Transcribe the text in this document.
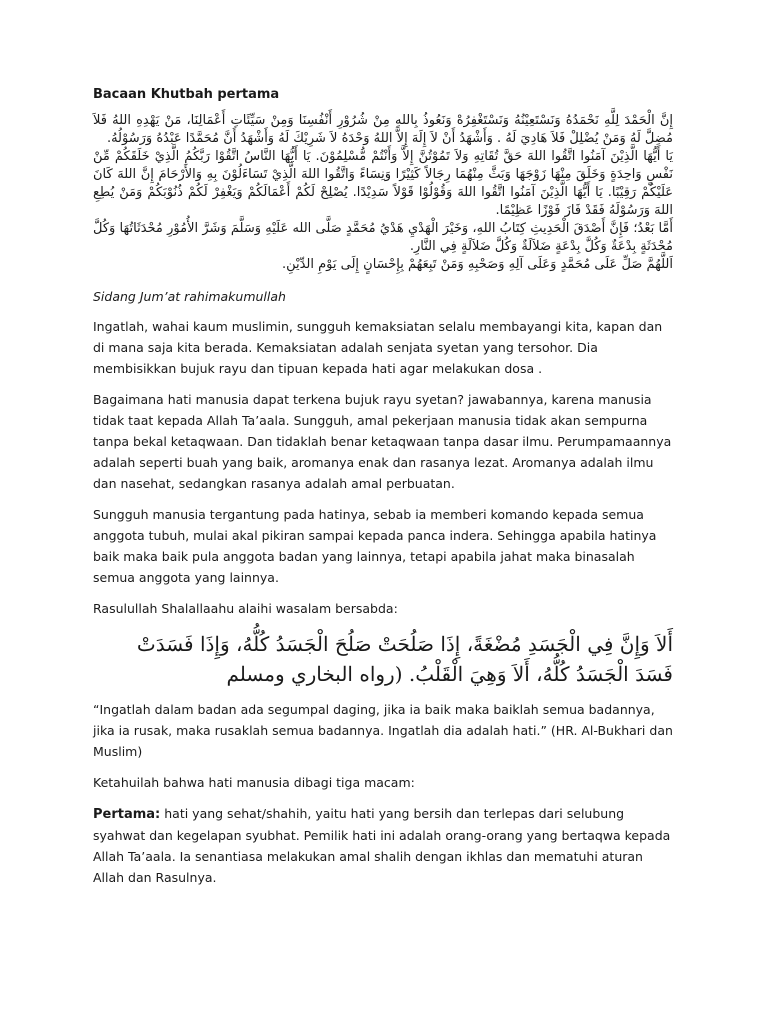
Bacaan Khutbah pertama

إِنَّ الْحَمْدَ لِلَّهِ نَحْمَدُهُ وَنَسْتَعِيْنُهُ وَنَسْتَغْفِرُهْ وَنَعُوذُ بِاللهِ مِنْ شُرُوْرِ أَنْفُسِنَا وَمِنْ سَيِّئَاتِ أَعْمَالِنَا، مَنْ يَهْدِهِ اللهُ فَلاَ مُضِلَّ لَهُ وَمَنْ يُضْلِلْ فَلاَ هَادِيَ لَهُ . وَأَشْهَدُ أَنْ لاَ إِلَهَ إِلاَّ اللهُ وَحْدَهُ لاَ شَرِيْكَ لَهُ وَأَشْهَدُ أَنَّ مُحَمَّدًا عَبْدُهُ وَرَسُوْلُهُ.

يَا أَيُّهَا الَّذِيْنَ آمَنُوا اتَّقُوا اللهَ حَقَّ تُقَاتِهِ وَلاَ تَمُوْتُنَّ إِلاَّ وَأَنْتُمْ مُّسْلِمُوْنَ. يَا أَيُّهَا النَّاسُ اتَّقُوْا رَبَّكُمُ الَّذِيْ خَلَقَكُمْ مِّنْ نَفْسٍ وَاحِدَةٍ وَخَلَقَ مِنْهَا زَوْجَهَا وَبَثَّ مِنْهُمَا رِجَالاً كَثِيْرًا وَنِسَاءً وَاتَّقُوا اللهَ الَّذِيْ تَسَاءَلُوْنَ بِهِ وَالأَرْحَامَ إِنَّ اللهَ كَانَ عَلَيْكُمْ رَقِيْبًا. يَا أَيُّهَا الَّذِيْنَ آمَنُوا اتَّقُوا اللهَ وَقُوْلُوْا قَوْلاً سَدِيْدًا. يُصْلِحْ لَكُمْ أَعْمَالَكُمْ وَيَغْفِرْ لَكُمْ ذُنُوْبَكُمْ وَمَنْ يُطِعِ اللهَ وَرَسُوْلَهُ فَقَدْ فَازَ فَوْزًا عَظِيْمًا.

أَمَّا بَعْدُ؛ فَإِنَّ أَصْدَقَ الْحَدِيثِ كِتَابُ اللهِ، وَخَيْرَ الْهَدْيِ هَدْيُ مُحَمَّدٍ صَلَّى الله عَلَيْهِ وَسَلَّمَ وَشَرَّ الأُمُوْرِ مُحْدَثَاتُهَا وَكُلَّ مُحْدَثَةٍ بِدْعَةٌ وَكُلَّ بِدْعَةٍ ضَلاَلَةٌ وَكُلَّ ضَلاَلَةٍ فِي النَّارِ.

اَللَّهُمَّ صَلِّ عَلَى مُحَمَّدٍ وَعَلَى آلِهِ وَصَحْبِهِ وَمَنْ تَبِعَهُمْ بِإِحْسَانٍ إِلَى يَوْمِ الدِّيْنِ.

Sidang Jum’at rahimakumullah

Ingatlah, wahai kaum muslimin, sungguh kemaksiatan selalu membayangi kita, kapan dan di mana saja kita berada. Kemaksiatan adalah senjata syetan yang tersohor. Dia membisikkan bujuk rayu dan tipuan kepada hati agar melakukan dosa .

Bagaimana hati manusia dapat terkena bujuk rayu syetan? jawabannya, karena manusia tidak taat kepada Allah Ta’aala. Sungguh, amal pekerjaan manusia tidak akan sempurna tanpa bekal ketaqwaan. Dan tidaklah benar ketaqwaan tanpa dasar ilmu. Perumpamaannya adalah seperti buah yang baik, aromanya enak dan rasanya lezat. Aromanya adalah ilmu dan nasehat, sedangkan rasanya adalah amal perbuatan.

Sungguh manusia tergantung pada hatinya, sebab ia memberi komando kepada semua anggota tubuh, mulai akal pikiran sampai kepada panca indera. Sehingga apabila hatinya baik maka baik pula anggota badan yang lainnya, tetapi apabila jahat maka binasalah semua anggota yang lainnya.

Rasulullah Shalallaahu alaihi wasalam bersabda:

أَلاَ وَإِنَّ فِي الْجَسَدِ مُضْغَةً، إِذَا صَلُحَتْ صَلُحَ الْجَسَدُ كُلُّهُ، وَإِذَا فَسَدَتْ
فَسَدَ الْجَسَدُ كُلُّهُ، أَلاَ وَهِيَ الْقَلْبُ. (رواه البخاري ومسلم

“Ingatlah dalam badan ada segumpal daging, jika ia baik maka baiklah semua badannya, jika ia rusak, maka rusaklah semua badannya. Ingatlah dia adalah hati.” (HR. Al-Bukhari dan Muslim)

Ketahuilah bahwa hati manusia dibagi tiga macam:

Pertama: hati yang sehat/shahih, yaitu hati yang bersih dan terlepas dari selubung syahwat dan kegelapan syubhat. Pemilik hati ini adalah orang-orang yang bertaqwa kepada Allah Ta’aala. Ia senantiasa melakukan amal shalih dengan ikhlas dan mematuhi aturan Allah dan Rasulnya.
